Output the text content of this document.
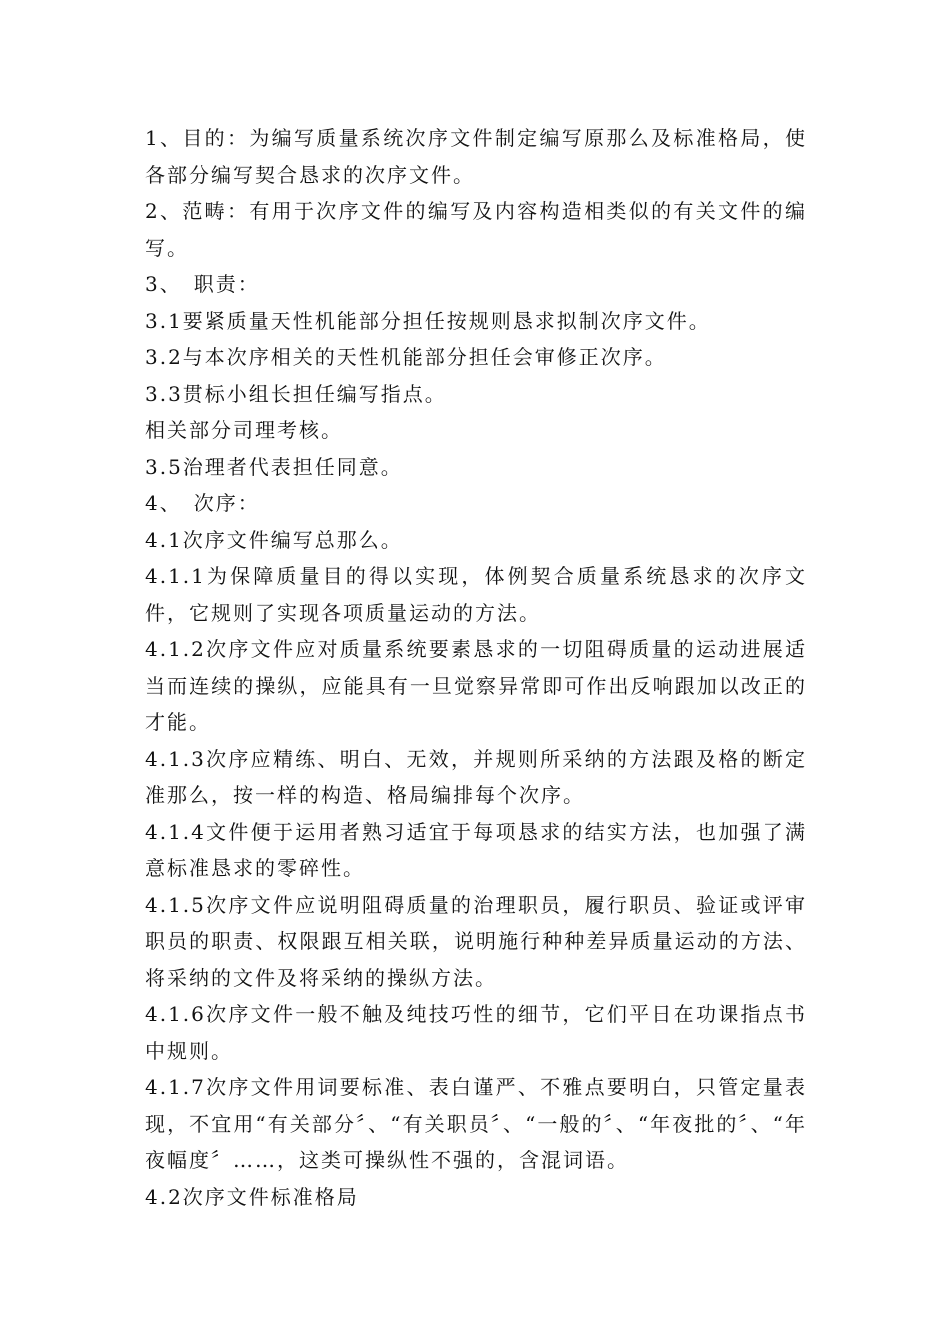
1、目的：为编写质量系统次序文件制定编写原那么及标准格局，使各部分编写契合恳求的次序文件。

2、范畴：有用于次序文件的编写及内容构造相类似的有关文件的编写。

3、　职责：

3.1要紧质量天性机能部分担任按规则恳求拟制次序文件。

3.2与本次序相关的天性机能部分担任会审修正次序。

3.3贯标小组长担任编写指点。

相关部分司理考核。

3.5治理者代表担任同意。

4、　次序：

4.1次序文件编写总那么。

4.1.1为保障质量目的得以实现，体例契合质量系统恳求的次序文件，它规则了实现各项质量运动的方法。

4.1.2次序文件应对质量系统要素恳求的一切阻碍质量的运动进展适当而连续的操纵，应能具有一旦觉察异常即可作出反响跟加以改正的才能。

4.1.3次序应精练、明白、无效，并规则所采纳的方法跟及格的断定准那么，按一样的构造、格局编排每个次序。

4.1.4文件便于运用者熟习适宜于每项恳求的结实方法，也加强了满意标准恳求的零碎性。

4.1.5次序文件应说明阻碍质量的治理职员，履行职员、验证或评审职员的职责、权限跟互相关联，说明施行种种差异质量运动的方法、将采纳的文件及将采纳的操纵方法。

4.1.6次序文件一般不触及纯技巧性的细节，它们平日在功课指点书中规则。

4.1.7次序文件用词要标准、表白谨严、不雅点要明白，只管定量表现，不宜用“有关部分〞、“有关职员〞、“一般的〞、“年夜批的〞、“年夜幅度〞……，这类可操纵性不强的，含混词语。

4.2次序文件标准格局
